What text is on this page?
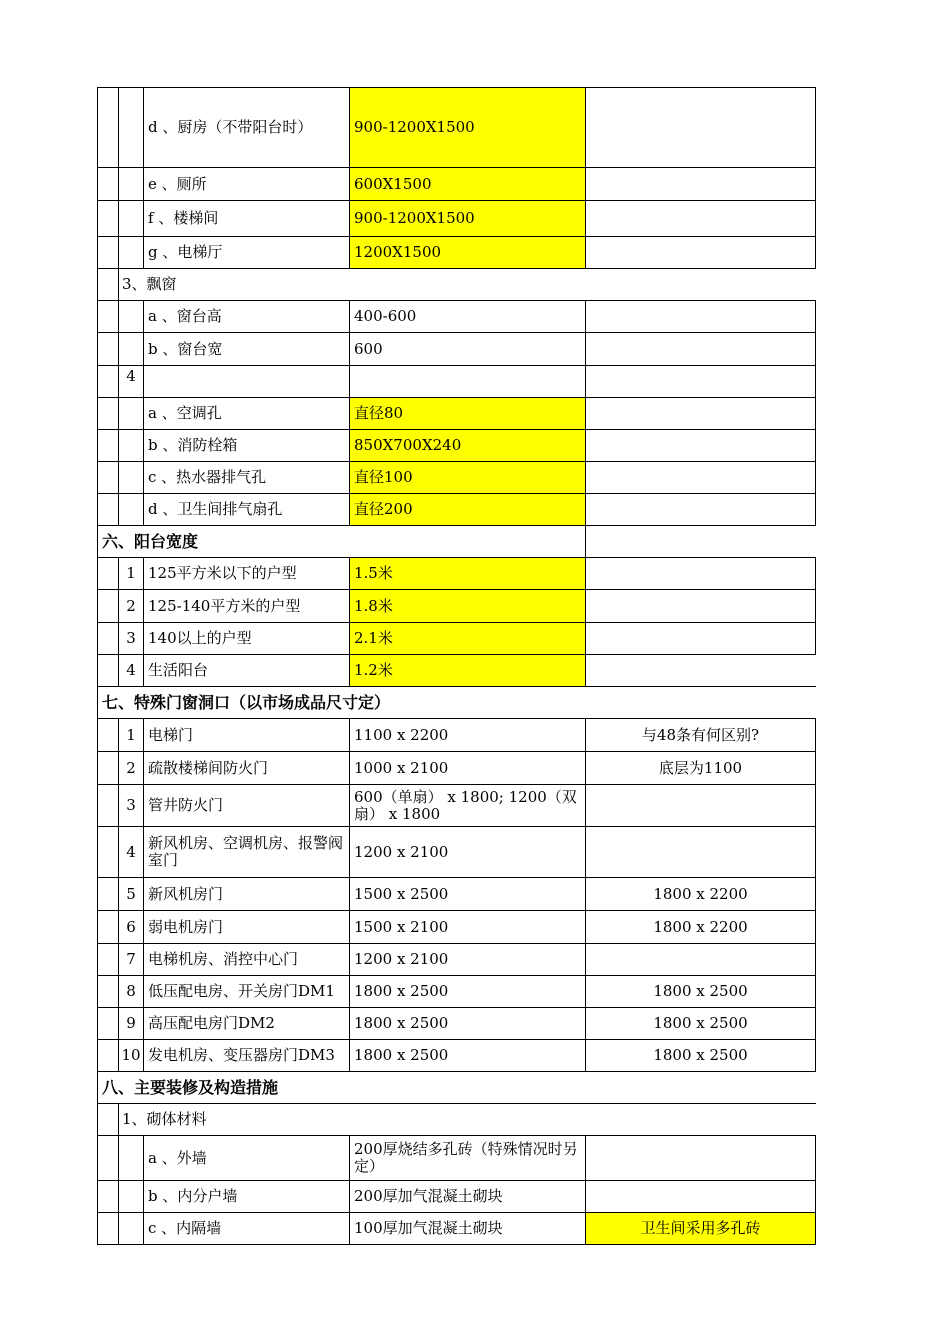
d 、厨房（不带阳台时）	900-1200X1500
e 、厕所	600X1500
f 、楼梯间	900-1200X1500
g 、电梯厅	1200X1500
3、飘窗
a 、窗台高	400-600
b 、窗台宽	600
4
a 、空调孔	直径80
b 、消防栓箱	850X700X240
c 、热水器排气孔	直径100
d 、卫生间排气扇孔	直径200
六、阳台宽度
1 125平方米以下的户型	1.5米
2 125-140平方米的户型	1.8米
3 140以上的户型	2.1米
4 生活阳台	1.2米
七、特殊门窗洞口（以市场成品尺寸定）
1 电梯门	1100 x 2200	与48条有何区别?
2 疏散楼梯间防火门	1000 x 2100	底层为1100
3 管井防火门	600（单扇） x 1800; 1200（双扇） x 1800
4 新风机房、空调机房、报警阀室门	1200 x 2100
5 新风机房门	1500 x 2500	1800 x 2200
6 弱电机房门	1500 x 2100	1800 x 2200
7 电梯机房、消控中心门	1200 x 2100
8 低压配电房、开关房门DM1	1800 x 2500	1800 x 2500
9 高压配电房门DM2	1800 x 2500	1800 x 2500
10 发电机房、变压器房门DM3	1800 x 2500	1800 x 2500
八、主要装修及构造措施
1、砌体材料
a 、外墙	200厚烧结多孔砖（特殊情况时另定）
b 、内分户墙	200厚加气混凝土砌块
c 、内隔墙	100厚加气混凝土砌块	卫生间采用多孔砖
